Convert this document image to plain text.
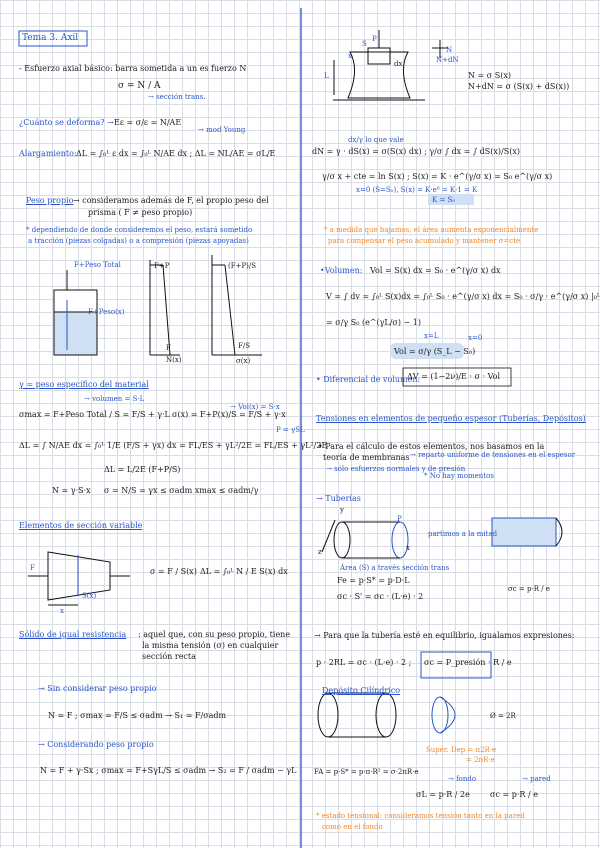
Tema 3. Axil
- Esfuerzo axial básico: barra sometida a un es fuerzo N
σ = N / A
→ sección trans.
¿Cuánto se deforma? → Eε = σ/ε = N/AE
→ mod Young
Alargamiento: ΔL = ∫₀ᴸ ε dx = ∫₀ᴸ N/AE dx ; ΔL = NL/AE = σL/E
Peso propio → consideramos además de F, el propio peso del
prisma ( F ≠ peso propio)
* dependiendo de donde consideremos el peso, estará sometido
a tracción (piezas colgadas) o a compresión (piezas apoyadas)
F+Peso Total
F+Peso(x)
F+P
F
N(x)
(F+P)/S
F/S
σ(x)
γ = peso específico del material
→ volumen = S·L
σmax = F+Peso Total / S = F/S + γ·L σ(x) = F+P(x)/S = F/S + γ·x
→ Vol(x) = S·x
P = γSL
ΔL = ∫ N/AE dx = ∫₀ᴸ 1/E (F/S + γx) dx = FL/ES + γL²/2E = FL/ES + γL²/2E
ΔL = L/2E (F+P/S)
N = γ·S·x σ = N/S = γx ≤ σadm xmax ≤ σadm/γ
Elementos de sección variable
σ = F / S(x) ΔL = ∫₀ᴸ N / E S(x) dx
F
S(x)
x
Sólido de igual resistencia : aquel que, con su peso propio, tiene
la misma tensión (σ) en cualquier
sección recta
→ Sin considerar peso propio
N = F ; σmax = F/S ≤ σadm → S₁ = F/σadm
→ Considerando peso propio
N = F + γ·Sx ; σmax = F+SγL/S ≤ σadm → S₂ = F / σadm − γL
P
S
x
dx
L
N
N+dN
N = σ S(x)
N+dN = σ (S(x) + dS(x))
dx/γ lo que vale
dN = γ · dS(x) = σ(S(x) dx) ; γ/σ ∫ dx = ∫ dS(x)/S(x)
γ/σ x + cte = ln S(x) ; S(x) = K · e^(γ/σ x) = S₀ e^(γ/σ x)
x=0 (S=S₀), S(x) = K·e⁰ = K·1 = K
K = S₀
* a medida que bajamos, el área aumenta exponencialmente
para compensar el peso acumulado y mantener σ=cte
•Volumen: Vol = S(x) dx = S₀ · e^(γ/σ x) dx
V = ∫ dv = ∫₀ᴸ S(x)dx = ∫₀ᴸ S₀ · e^(γ/σ x) dx = S₀ · σ/γ · e^(γ/σ x) |₀ᴸ
= σ/γ S₀ (e^(γL/σ) − 1)
x=L	x=0
Vol = σ/γ (S_L − S₀)
• Diferencial de volumen:
ΔV = (1−2ν)/E · σ · Vol
Tensiones en elementos de pequeño espesor (Tuberías, Depósitos)
• Para el cálculo de estos elementos, nos basamos en la
teoría de membranas → reparto uniforme de tensiones en el espesor
→ sólo esfuerzos normales y de presión
* No hay momentos
→ Tuberías
y
z	x
P
partimos a la mitad
Área (S) a través sección trans
Fe = p·S* = p·D·L
σc · S' = σc · (L·e) · 2
σc = p·R / e
→ Para que la tubería esté en equilibrio, igualamos expresiones:
p · 2RL = σc · (L·e) · 2 ; σc = P_presión · R / e
Depósito Cilíndrico
Ø = 2R
Super. Dep = π2R·e
= 2πR·e
FA = p·S* = p·π·R² = σ·2πR·e
→ fondo	→ pared
σL = p·R / 2e	σc = p·R / e
* estado tensional: consideramos tensión tanto en la pared
como en el fondo
